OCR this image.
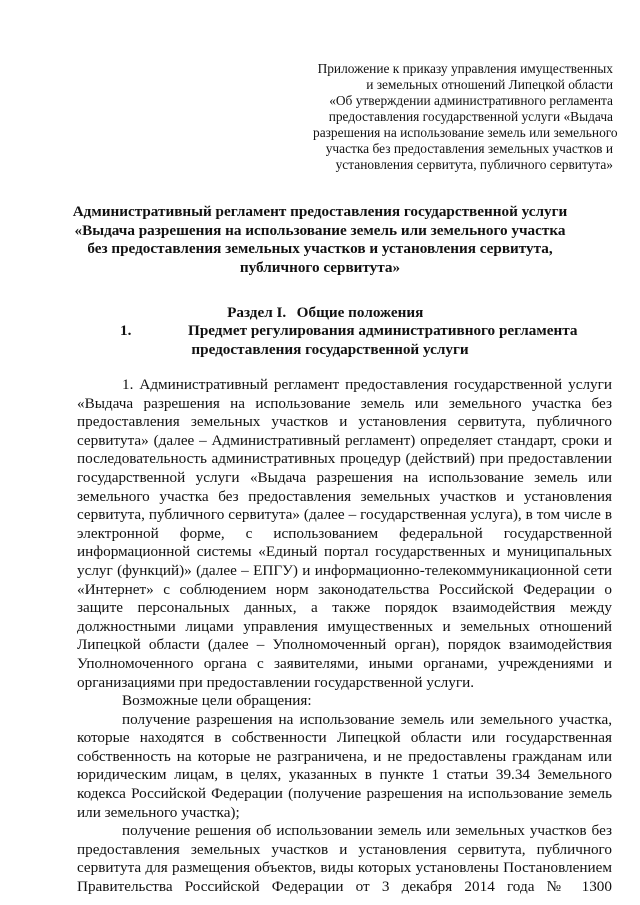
Приложение к приказу управления имущественных
и земельных отношений Липецкой области
«Об утверждении административного регламента
предоставления государственной услуги «Выдача
разрешения на использование земель или земельного
участка без предоставления земельных участков и
установления сервитута, публичного сервитута»
Административный регламент предоставления государственной услуги «Выдача разрешения на использование земель или земельного участка без предоставления земельных участков и установления сервитута, публичного сервитута»
Раздел I. Общие положения
1.	Предмет регулирования административного регламента
предоставления государственной услуги

1. Административный регламент предоставления государственной услуги «Выдача разрешения на использование земель или земельного участка без предоставления земельных участков и установления сервитута, публичного сервитута» (далее – Административный регламент) определяет стандарт, сроки и последовательность административных процедур (действий) при предоставлении государственной услуги «Выдача разрешения на использование земель или земельного участка без предоставления земельных участков и установления сервитута, публичного сервитута» (далее – государственная услуга), в том числе в электронной форме, с использованием федеральной государственной информационной системы «Единый портал государственных и муниципальных услуг (функций)» (далее – ЕПГУ) и информационно-телекоммуникационной сети «Интернет» с соблюдением норм законодательства Российской Федерации о защите персональных данных, а также порядок взаимодействия между должностными лицами управления имущественных и земельных отношений Липецкой области (далее – Уполномоченный орган), порядок взаимодействия Уполномоченного органа с заявителями, иными органами, учреждениями и организациями при предоставлении государственной услуги.

Возможные цели обращения:

получение разрешения на использование земель или земельного участка, которые находятся в собственности Липецкой области или государственная собственность на которые не разграничена, и не предоставлены гражданам или юридическим лицам, в целях, указанных в пункте 1 статьи 39.34 Земельного кодекса Российской Федерации (получение разрешения на использование земель или земельного участка);

получение решения об использовании земель или земельных участков без предоставления земельных участков и установления сервитута, публичного сервитута для размещения объектов, виды которых установлены Постановлением Правительства Российской Федерации от 3 декабря 2014 года № 1300
